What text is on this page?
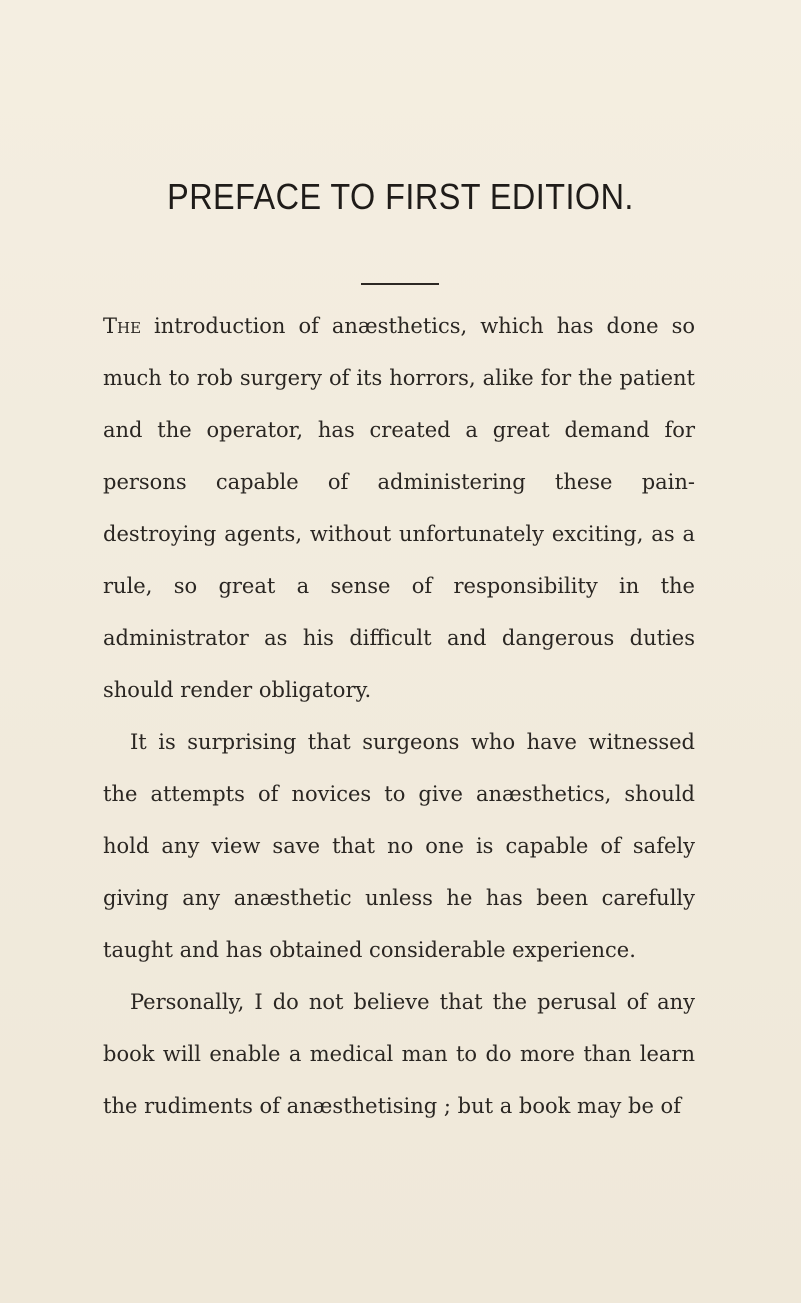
PREFACE TO FIRST EDITION.

The introduction of anæsthetics, which has done so much to rob surgery of its horrors, alike for the patient and the operator, has created a great demand for persons capable of administering these pain-destroying agents, without unfortunately exciting, as a rule, so great a sense of responsibility in the administrator as his difficult and dangerous duties should render obligatory.

It is surprising that surgeons who have witnessed the attempts of novices to give anæsthetics, should hold any view save that no one is capable of safely giving any anæsthetic unless he has been carefully taught and has obtained considerable experience.

Personally, I do not believe that the perusal of any book will enable a medical man to do more than learn the rudiments of anæsthetising ; but a book may be of
